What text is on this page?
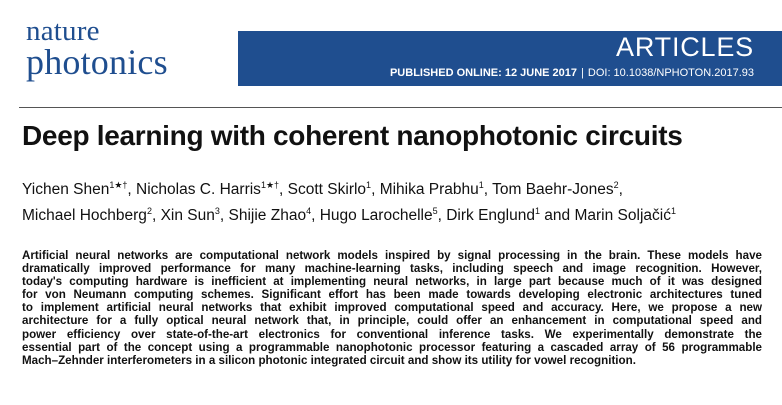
nature
photonics	ARTICLES
PUBLISHED ONLINE: 12 JUNE 2017 | DOI: 10.1038/NPHOTON.2017.93
Deep learning with coherent nanophotonic circuits
Yichen Shen$^{1★\dagger}$, Nicholas C. Harris$^{1★\dagger}$, Scott Skirlo$^1$, Mihika Prabhu$^1$, Tom Baehr-Jones$^2$,
Michael Hochberg$^2$, Xin Sun$^3$, Shijie Zhao$^4$, Hugo Larochelle$^5$, Dirk Englund$^1$ and Marin Soljačić$^1$
Artificial neural networks are computational network models inspired by signal processing in the brain. These models have
dramatically improved performance for many machine-learning tasks, including speech and image recognition. However,
today's computing hardware is inefficient at implementing neural networks, in large part because much of it was designed
for von Neumann computing schemes. Significant effort has been made towards developing electronic architectures tuned
to implement artificial neural networks that exhibit improved computational speed and accuracy. Here, we propose a new
architecture for a fully optical neural network that, in principle, could offer an enhancement in computational speed and
power efficiency over state-of-the-art electronics for conventional inference tasks. We experimentally demonstrate the
essential part of the concept using a programmable nanophotonic processor featuring a cascaded array of 56 programmable
Mach–Zehnder interferometers in a silicon photonic integrated circuit and show its utility for vowel recognition.
